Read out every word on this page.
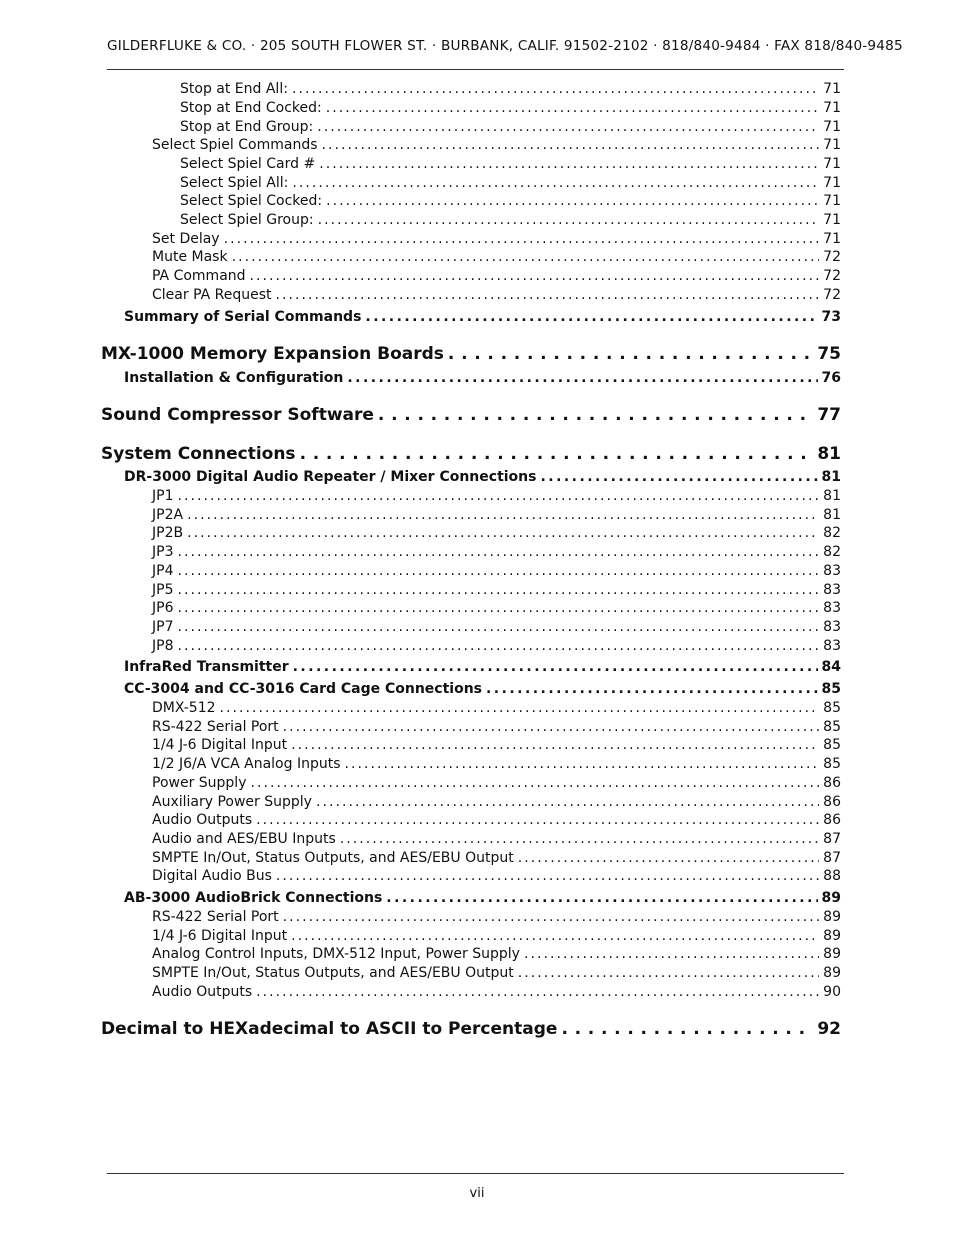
GILDERFLUKE & CO. · 205 SOUTH FLOWER ST. · BURBANK, CALIF. 91502-2102 · 818/840-9484 · FAX 818/840-9485
Stop at End All: . . .	71
Stop at End Cocked: . . .	71
Stop at End Group: . . .	71
Select Spiel Commands . . .	71
Select Spiel Card # . . .	71
Select Spiel All: . . .	71
Select Spiel Cocked: . . .	71
Select Spiel Group: . . .	71
Set Delay . . .	71
Mute Mask . . .	72
PA Command . . .	72
Clear PA Request . . .	72
Summary of Serial Commands . . .	73
MX-1000 Memory Expansion Boards . . .	75
Installation & Configuration . . .	76
Sound Compressor Software . . .	77
System Connections . . .	81
DR-3000 Digital Audio Repeater / Mixer Connections . . .	81
JP1 . . .	81
JP2A . . .	81
JP2B . . .	82
JP3 . . .	82
JP4 . . .	83
JP5 . . .	83
JP6 . . .	83
JP7 . . .	83
JP8 . . .	83
InfraRed Transmitter . . .	84
CC-3004 and CC-3016 Card Cage Connections . . .	85
DMX-512 . . .	85
RS-422 Serial Port . . .	85
1/4 J-6 Digital Input . . .	85
1/2 J6/A VCA Analog Inputs . . .	85
Power Supply . . .	86
Auxiliary Power Supply . . .	86
Audio Outputs . . .	86
Audio and AES/EBU Inputs . . .	87
SMPTE In/Out, Status Outputs, and AES/EBU Output . . .	87
Digital Audio Bus . . .	88
AB-3000 AudioBrick Connections . . .	89
RS-422 Serial Port . . .	89
1/4 J-6 Digital Input . . .	89
Analog Control Inputs, DMX-512 Input, Power Supply . . .	89
SMPTE In/Out, Status Outputs, and AES/EBU Output . . .	89
Audio Outputs . . .	90
Decimal to HEXadecimal to ASCII to Percentage . . .	92
vii
